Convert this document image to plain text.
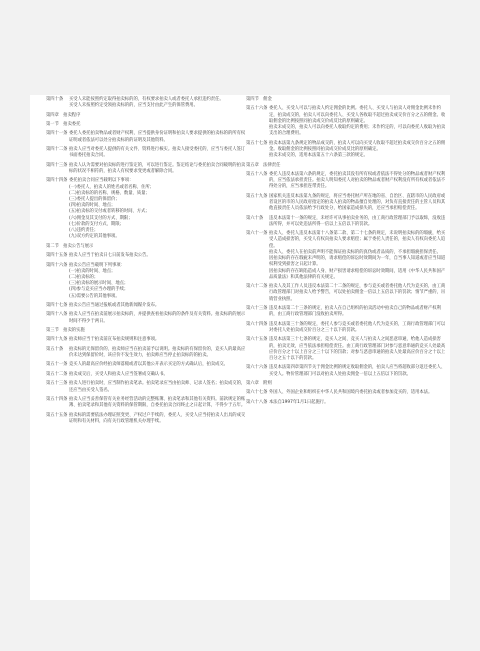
第四十条	买受人未能按照约定取得拍卖标的的，有权要求拍卖人或者委托人承担违约责任。

买受人未按照约定受领拍卖标的的，应当支付由此产生的保管费用。

第四章　拍卖程序
第一节　拍卖委托
第四十一条 委托人委托拍卖物品或者财产权利，应当提供身份证明和拍卖人要求提供的拍卖标的的所有权证明或者依法可以处分拍卖标的的证明及其他资料。

第四十二条 拍卖人应当对委托人提供的有关文件、资料进行核实。拍卖人接受委托的，应当与委托人签订书面委托拍卖合同。

第四十三条 拍卖人认为需要对拍卖标的进行鉴定的，可以进行鉴定。鉴定结论与委托拍卖合同载明的拍卖标的状况不相符的，拍卖人有权要求变更或者解除合同。

第四十四条 委托拍卖合同应当载明以下事项：

(一)委托人、拍卖人的姓名或者名称、住所；

(二)拍卖标的的名称、规格、数量、质量；

(三)委托人提出的保留价；

(四)拍卖的时间、地点；

(五)拍卖标的交付或者转移的时间、方式；

(六)佣金及其支付的方式、期限；

(七)价款的支付方式、期限；

(八)违约责任；

(九)双方约定的其他事项。

第二节　拍卖公告与展示
第四十五条 拍卖人应当于拍卖日七日前发布拍卖公告。

第四十六条 拍卖公告应当载明下列事项：

(一)拍卖的时间、地点；

(二)拍卖标的；

(三)拍卖标的展示时间、地点；

(四)参与竞买应当办理的手续；

(五)需要公告的其他事项。

第四十七条 拍卖公告应当通过报纸或者其他新闻媒介发布。

第四十八条 拍卖人应当在拍卖前展示拍卖标的，并提供查看拍卖标的的条件及有关资料。拍卖标的的展示时间不得少于两日。

第三节　拍卖的实施
第四十九条 拍卖师应当于拍卖前宣布拍卖规则和注意事项。

第五十条	拍卖标的无保留价的，拍卖师应当在拍卖前予以说明。拍卖标的有保留价的，竞买人的最高应价未达到保留价时，该应价不发生效力，拍卖师应当停止拍卖标的的拍卖。

第五十一条 竞买人的最高应价经拍卖师落槌或者以其他公开表示买定的方式确认后，拍卖成交。

第五十二条 拍卖成交后，买受人和拍卖人应当签署成交确认书。

第五十三条 拍卖人进行拍卖时，应当制作拍卖笔录。拍卖笔录应当由拍卖师、记录人签名；拍卖成交的，还应当由买受人签名。

第五十四条 拍卖人应当妥善保管有关业务经营活动的完整账簿、拍卖笔录和其他有关资料。前款规定的账簿、拍卖笔录和其他有关资料的保管期限，自委托拍卖合同终止之日起计算，不得少于五年。

第五十五条 拍卖标的需要依法办理证照变更、产权过户手续的，委托人、买受人应当持拍卖人出具的成交证明和有关材料，向有关行政管理机关办理手续。

第四节　佣金
第五十六条 委托人、买受人可以与拍卖人约定佣金的比例。委托人、买受人与拍卖人对佣金比例未作约定，拍卖成交的，拍卖人可以向委托人、买受人各收取不超过拍卖成交价百分之五的佣金。收取佣金的比例按照同拍卖成交价成反比的原则确定。

拍卖未成交的，拍卖人可以向委托人收取约定的费用；未作约定的，可以向委托人收取为拍卖支出的合理费用。

第五十七条 拍卖本法第九条规定的物品成交的，拍卖人可以向买受人收取不超过拍卖成交价百分之五的佣金。收取佣金的比例按照同拍卖成交价成反比的原则确定。

拍卖未成交的，适用本法第五十六条第三款的规定。

第五章　法律责任
第五十八条 委托人违反本法第六条的规定，委托拍卖其没有所有权或者依法不得处分的物品或者财产权利的，应当依法承担责任。拍卖人明知委托人对拍卖的物品或者财产权利没有所有权或者依法不得处分的，应当承担连带责任。

第五十九条 国家机关违反本法第九条的规定，将应当委托财产所在地的省、自治区、直辖市的人民政府或者设区的市的人民政府指定的拍卖人拍卖的物品擅自处理的，对负有直接责任的主管人员和其他直接责任人员依法给予行政处分，给国家造成损失的，还应当承担赔偿责任。

第六十条	违反本法第十一条的规定，未经许可从事拍卖业务的，由工商行政管理部门予以取缔，没收违法所得，并可以处违法所得一倍以上五倍以下的罚款。

第六十一条 拍卖人、委托人违反本法第十八条第二款、第二十七条的规定，未说明拍卖标的的瑕疵，给买受人造成损害的，买受人有权向拍卖人要求赔偿；属于委托人责任的，拍卖人有权向委托人追偿。

拍卖人、委托人在拍卖前声明不能保证拍卖标的的真伪或者品质的，不承担瑕疵担保责任。

因拍卖标的存在瑕疵未声明的，请求赔偿的诉讼时效期间为一年，自当事人知道或者应当知道权利受到损害之日起计算。

因拍卖标的存在缺陷造成人身、财产损害请求赔偿的诉讼时效期间，适用《中华人民共和国产品质量法》和其他法律的有关规定。

第六十二条 拍卖人及其工作人员违反本法第二十二条的规定，参与竞买或者委托他人代为竞买的，由工商行政管理部门对拍卖人给予警告，可以处拍卖佣金一倍以上五倍以下的罚款；情节严重的，吊销营业执照。

第六十三条 违反本法第二十三条的规定，拍卖人在自己组织的拍卖活动中拍卖自己的物品或者财产权利的，由工商行政管理部门没收拍卖所得。

第六十四条 违反本法第三十条的规定，委托人参与竞买或者委托他人代为竞买的，工商行政管理部门可以对委托人处拍卖成交价百分之三十以下的罚款。

第六十五条 违反本法第三十七条的规定，竞买人之间、竞买人与拍卖人之间恶意串通，给他人造成损害的，拍卖无效，应当依法承担赔偿责任。由工商行政管理部门对参与恶意串通的竞买人处最高应价百分之十以上百分之三十以下的罚款；对参与恶意串通的拍卖人处最高应价百分之十以上百分之五十以下的罚款。

第六十六条 违反本法第四章第四节关于佣金比例的规定收取佣金的，拍卖人应当将超收部分返还委托人、买受人。物价管理部门可以对拍卖人处拍卖佣金一倍以上五倍以下的罚款。

第六章　附则
第六十七条 外国人、外国企业和组织在中华人民共和国境内委托拍卖或者参加竞买的，适用本法。

第六十八条 本法自1997年1月1日起施行。
